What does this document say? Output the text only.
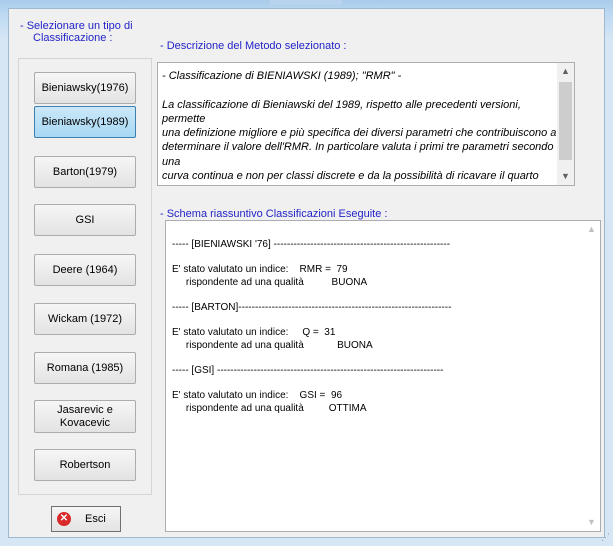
- Selezionare un tipo di
Classificazione :
Bieniawsky(1976)
Bieniawsky(1989)
Barton(1979)
GSI
Deere (1964)
Wickam (1972)
Romana (1985)
Jasarevic e Kovacevic
Robertson
- Descrizione del Metodo selezionato :

- Classificazione di BIENIAWSKI (1989); "RMR" -

La classificazione di Bieniawski del 1989, rispetto alle precedenti versioni, permette

una definizione migliore e più specifica dei diversi parametri che contribuiscono a

determinare il valore dell'RMR. In particolare valuta i primi tre parametri secondo una

curva continua e non per classi discrete e da la possibilità di ricavare il quarto

▲
▼
- Schema riassuntivo Classificazioni Eseguite :
----- [BIENIAWSKI '76] -----------------------------------------------------
E' stato valutato un indice:    RMR =  79
rispondente ad una qualità          BUONA
----- [BARTON]----------------------------------------------------------------
E' stato valutato un indice:     Q =  31
rispondente ad una qualità            BUONA
----- [GSI] --------------------------------------------------------------------
E' stato valutato un indice:    GSI =  96
rispondente ad una qualità         OTTIMA
▲
▼
✕ Esci
⋰
